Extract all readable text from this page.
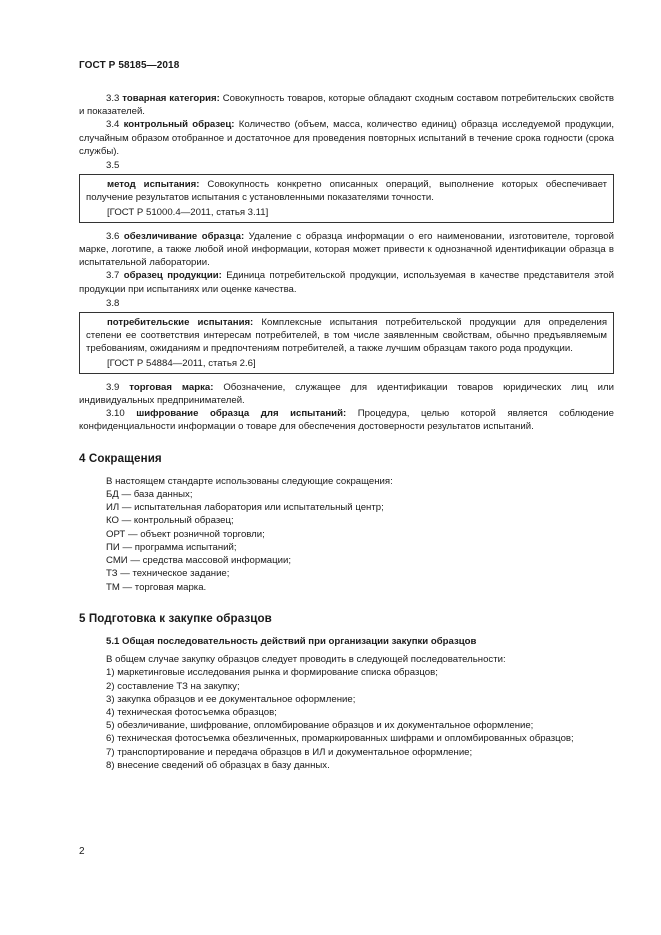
ГОСТ Р 58185—2018

3.3 товарная категория: Совокупность товаров, которые обладают сходным составом потребительских свойств и показателей.

3.4 контрольный образец: Количество (объем, масса, количество единиц) образца исследуемой продукции, случайным образом отобранное и достаточное для проведения повторных испытаний в течение срока годности (срока службы).

3.5

метод испытания: Совокупность конкретно описанных операций, выполнение которых обеспечивает получение результатов испытания с установленными показателями точности.

[ГОСТ Р 51000.4—2011, статья 3.11]

3.6 обезличивание образца: Удаление с образца информации о его наименовании, изготовителе, торговой марке, логотипе, а также любой иной информации, которая может привести к однозначной идентификации образца в испытательной лаборатории.

3.7 образец продукции: Единица потребительской продукции, используемая в качестве представителя этой продукции при испытаниях или оценке качества.

3.8

потребительские испытания: Комплексные испытания потребительской продукции для определения степени ее соответствия интересам потребителей, в том числе заявленным свойствам, обычно предъявляемым требованиям, ожиданиям и предпочтениям потребителей, а также лучшим образцам такого рода продукции.

[ГОСТ Р 54884—2011, статья 2.6]

3.9 торговая марка: Обозначение, служащее для идентификации товаров юридических лиц или индивидуальных предпринимателей.

3.10 шифрование образца для испытаний: Процедура, целью которой является соблюдение конфиденциальности информации о товаре для обеспечения достоверности результатов испытаний.

4 Сокращения

В настоящем стандарте использованы следующие сокращения:

БД — база данных;
ИЛ — испытательная лаборатория или испытательный центр;
КО — контрольный образец;
ОРТ — объект розничной торговли;
ПИ — программа испытаний;
СМИ — средства массовой информации;
ТЗ — техническое задание;
ТМ — торговая марка.
5 Подготовка к закупке образцов
5.1 Общая последовательность действий при организации закупки образцов

В общем случае закупку образцов следует проводить в следующей последовательности:

1) маркетинговые исследования рынка и формирование списка образцов;
2) составление ТЗ на закупку;
3) закупка образцов и ее документальное оформление;
4) техническая фотосъемка образцов;
5) обезличивание, шифрование, опломбирование образцов и их документальное оформление;
6) техническая фотосъемка обезличенных, промаркированных шифрами и опломбированных образцов;
7) транспортирование и передача образцов в ИЛ и документальное оформление;
8) внесение сведений об образцах в базу данных.
2
